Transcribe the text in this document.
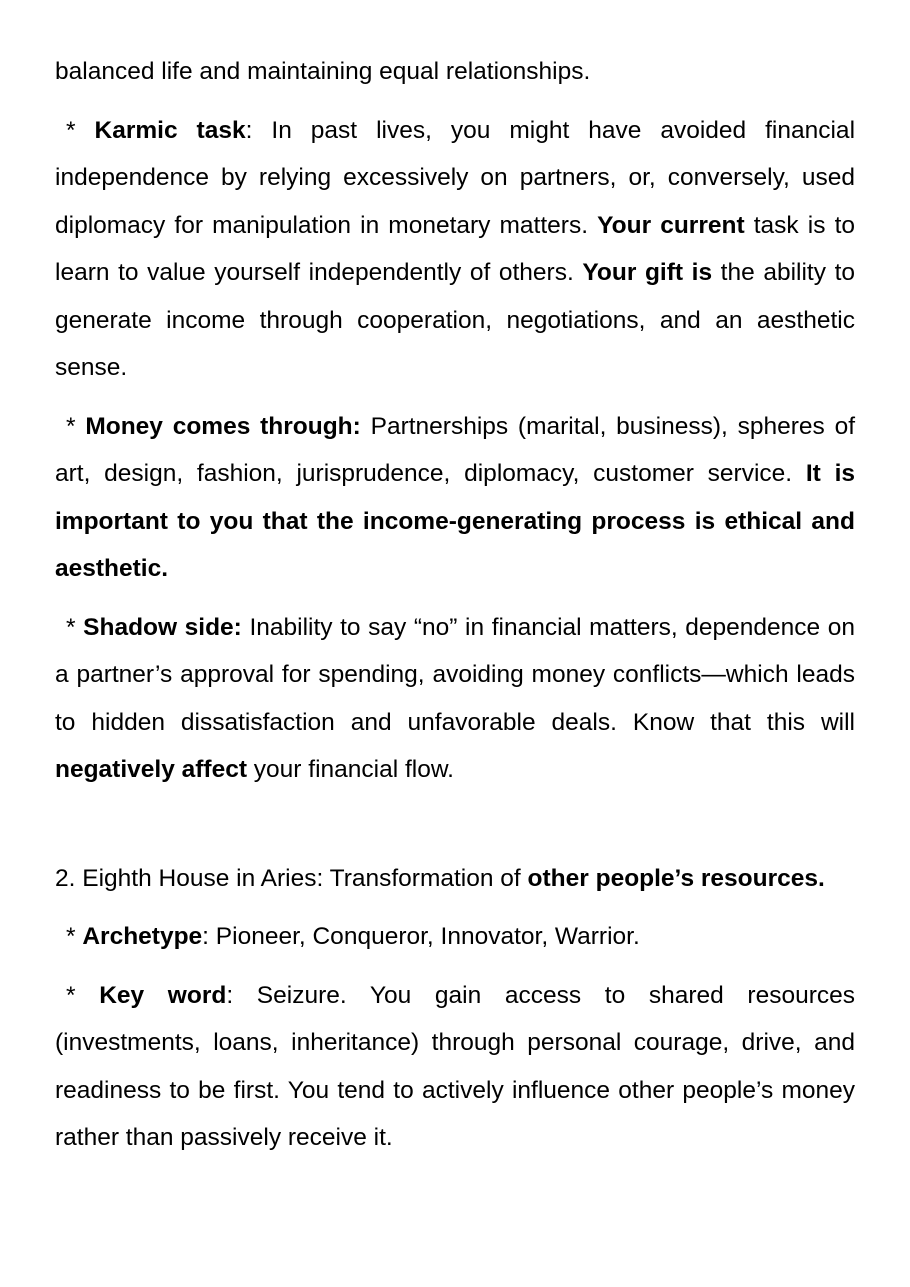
balanced life and maintaining equal relationships.

* Karmic task: In past lives, you might have avoided financial independence by relying excessively on partners, or, conversely, used diplomacy for manipulation in monetary matters. Your current task is to learn to value yourself independently of others. Your gift is the ability to generate income through cooperation, negotiations, and an aesthetic sense.

* Money comes through: Partnerships (marital, business), spheres of art, design, fashion, jurisprudence, diplomacy, customer service. It is important to you that the income-generating process is ethical and aesthetic.

* Shadow side: Inability to say “no” in financial matters, dependence on a partner’s approval for spending, avoiding money conflicts—which leads to hidden dissatisfaction and unfavorable deals. Know that this will negatively affect your financial flow.

2. Eighth House in Aries: Transformation of other people’s resources.

* Archetype: Pioneer, Conqueror, Innovator, Warrior.

* Key word: Seizure. You gain access to shared resources (investments, loans, inheritance) through personal courage, drive, and readiness to be first. You tend to actively influence other people’s money rather than passively receive it.
